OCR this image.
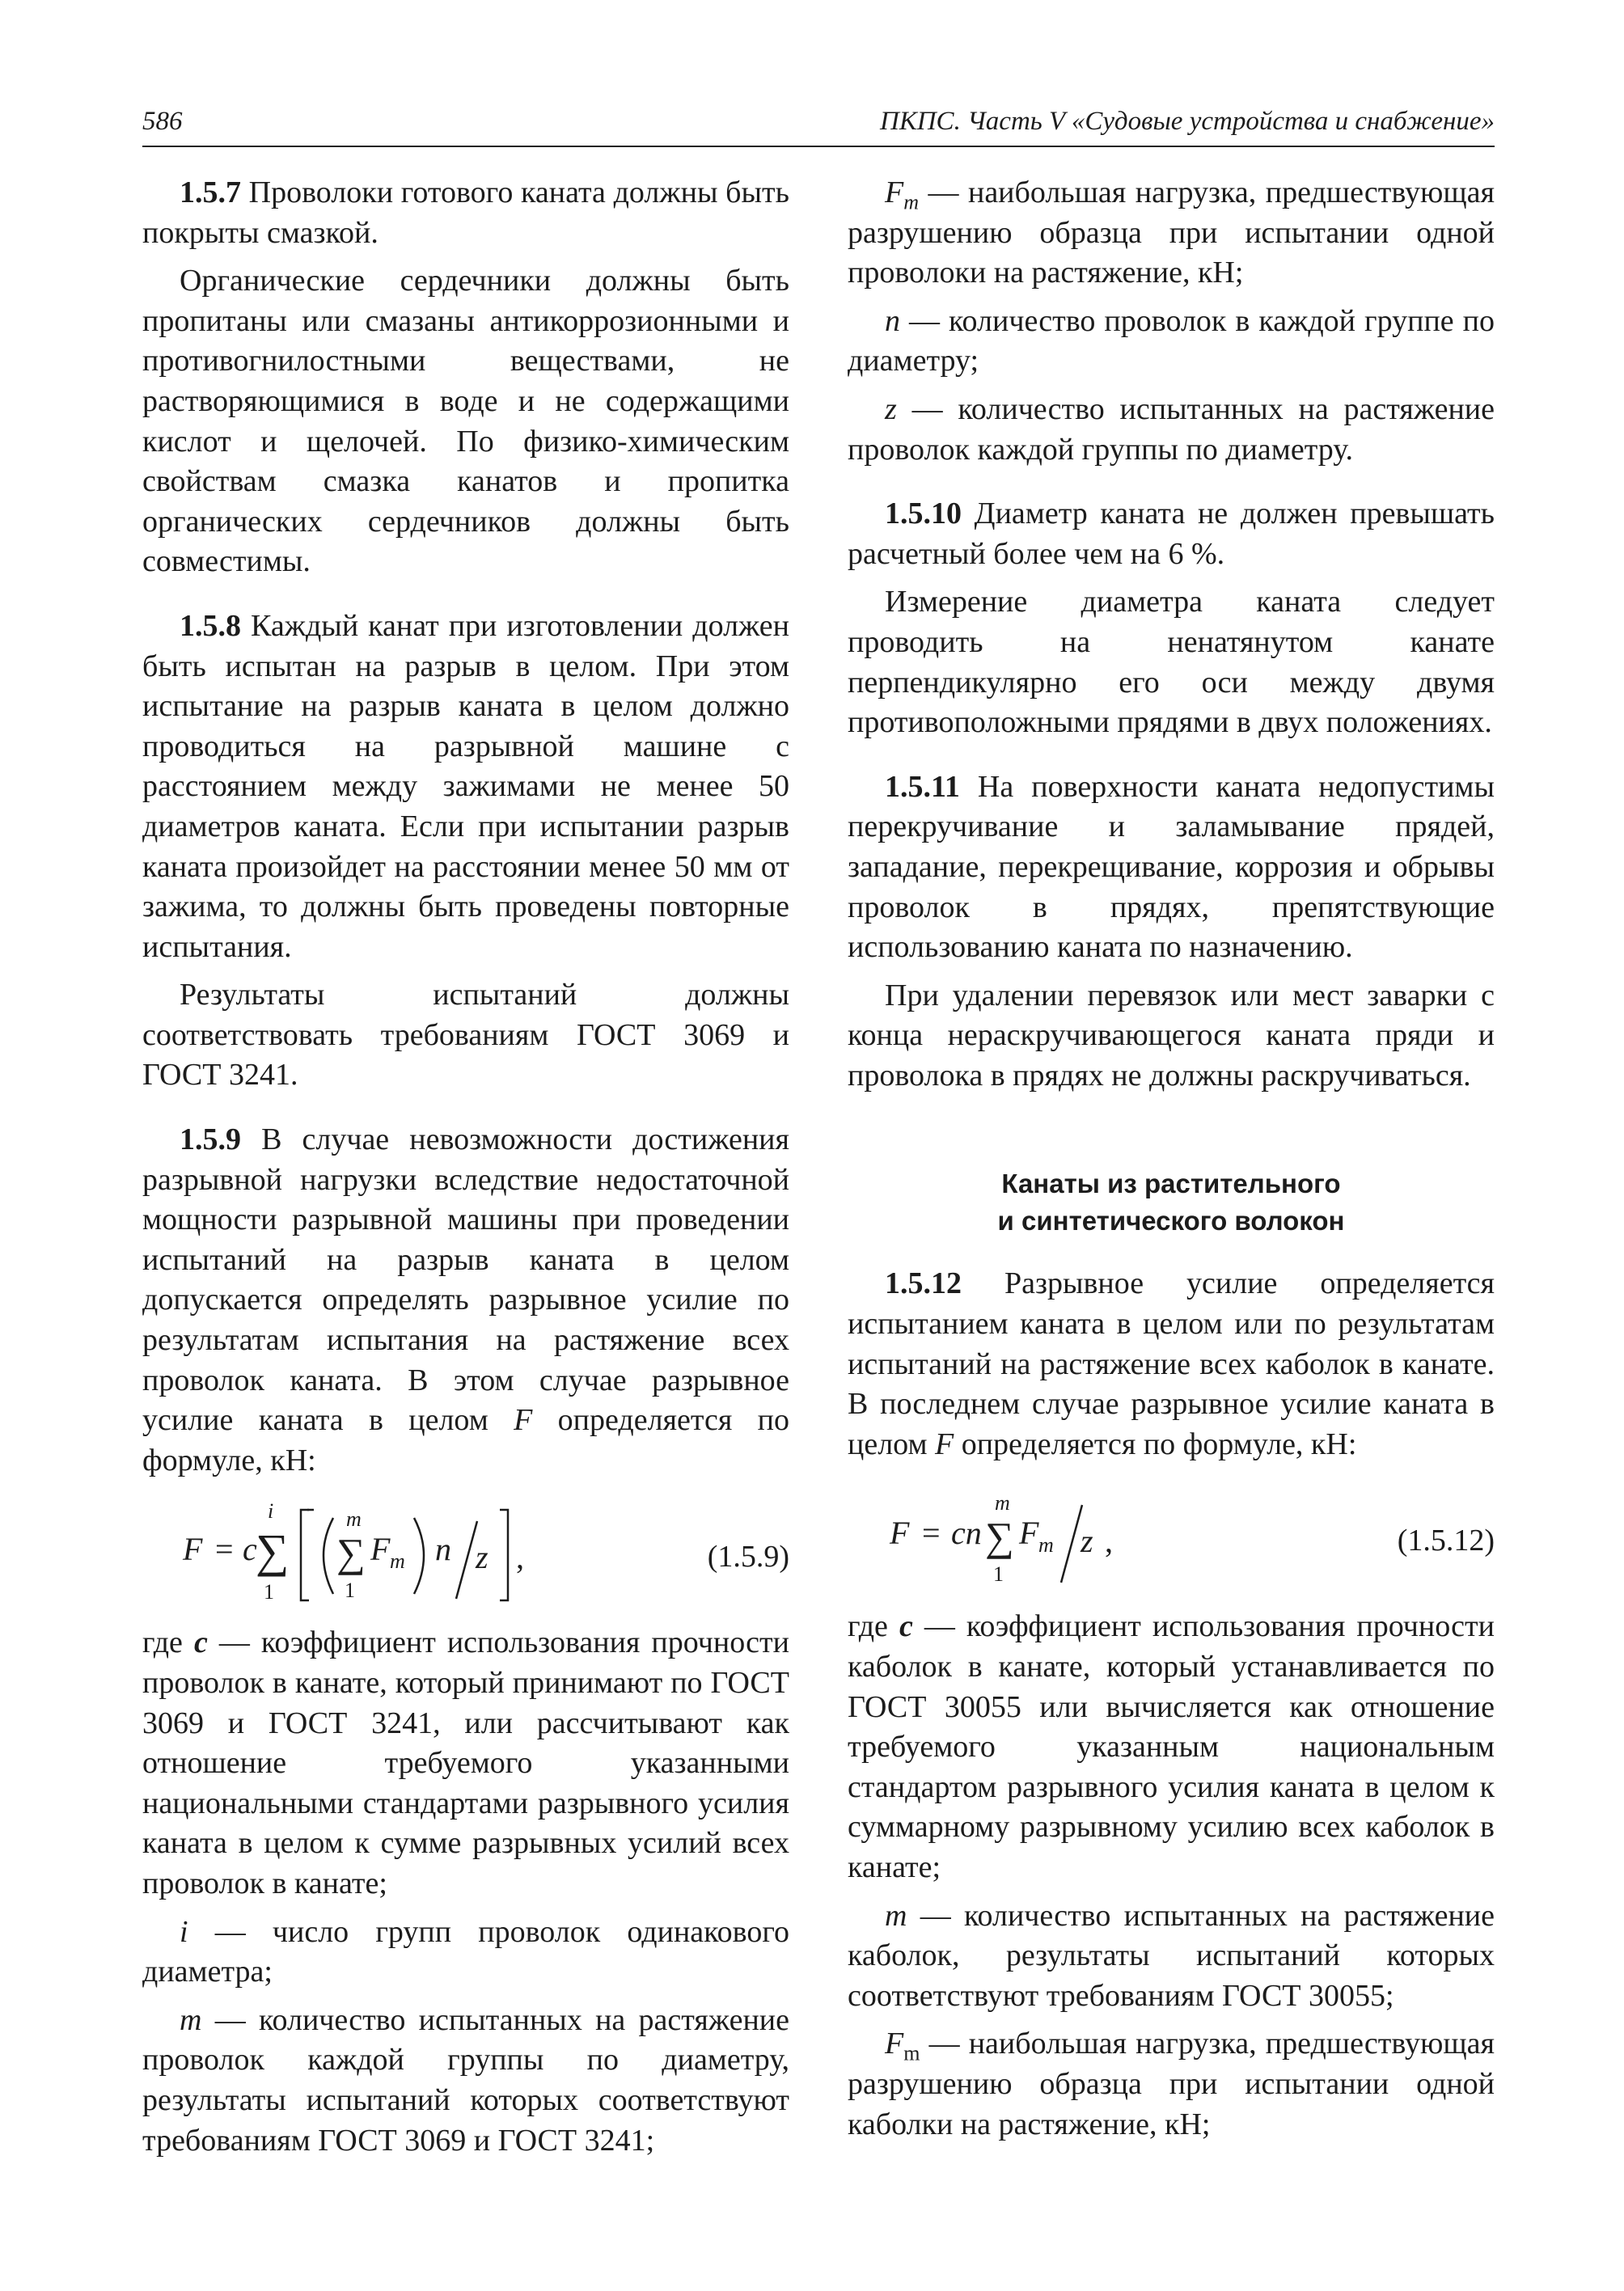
586	ПКПС. Часть V «Судовые устройства и снабжение»

1.5.7 Проволоки готового каната должны быть покрыты смазкой.

Органические сердечники должны быть пропитаны или смазаны антикоррозионными и противогнилостными веществами, не растворяющимися в воде и не содержащими кислот и щелочей. По физико-химическим свойствам смазка канатов и пропитка органических сердечников должны быть совместимы.

1.5.8 Каждый канат при изготовлении должен быть испытан на разрыв в целом. При этом испытание на разрыв каната в целом должно проводиться на разрывной машине с расстоянием между зажимами не менее 50 диаметров каната. Если при испытании разрыв каната произойдет на расстоянии менее 50 мм от зажима, то должны быть проведены повторные испытания.

Результаты испытаний должны соответствовать требованиям ГОСТ 3069 и ГОСТ 3241.

1.5.9 В случае невозможности достижения разрывной нагрузки вследствие недостаточной мощности разрывной машины при проведении испытаний на разрыв каната в целом допускается определять разрывное усилие по результатам испытания на растяжение всех проволок каната. В этом случае разрывное усилие каната в целом F определяется по формуле, кН:

F = c
∑
i
1
∑
m
1
F m n z ,	(1.5.9)

где c — коэффициент использования прочности проволок в канате, который принимают по ГОСТ 3069 и ГОСТ 3241, или рассчитывают как отношение требуемого указанными национальными стандартами разрывного усилия каната в целом к сумме разрывных усилий всех проволок в канате;

i — число групп проволок одинакового диаметра;

m — количество испытанных на растяжение проволок каждой группы по диаметру, результаты испытаний которых соответствуют требованиям ГОСТ 3069 и ГОСТ 3241;

$F_m$ — наибольшая нагрузка, предшествующая разрушению образца при испытании одной проволоки на растяжение, кН;

n — количество проволок в каждой группе по диаметру;

z — количество испытанных на растяжение проволок каждой группы по диаметру.

1.5.10 Диаметр каната не должен превышать расчетный более чем на 6 %.

Измерение диаметра каната следует проводить на ненатянутом канате перпендикулярно его оси между двумя противоположными прядями в двух положениях.

1.5.11 На поверхности каната недопустимы перекручивание и заламывание прядей, западание, перекрещивание, коррозия и обрывы проволок в прядях, препятствующие использованию каната по назначению.

При удалении перевязок или мест заварки с конца нераскручивающегося каната пряди и проволока в прядях не должны раскручиваться.

Канаты из растительного
и синтетического волокон

1.5.12 Разрывное усилие определяется испытанием каната в целом или по результатам испытаний на растяжение всех каболок в канате. В последнем случае разрывное усилие каната в целом F определяется по формуле, кН:

F = cn ∑
m
1
F m z ,	(1.5.12)

где c — коэффициент использования прочности каболок в канате, который устанавливается по ГОСТ 30055 или вычисляется как отношение требуемого указанным национальным стандартом разрывного усилия каната в целом к суммарному разрывному усилию всех каболок в канате;

m — количество испытанных на растяжение каболок, результаты испытаний которых соответствуют требованиям ГОСТ 30055;

$F_m$ — наибольшая нагрузка, предшествующая разрушению образца при испытании одной каболки на растяжение, кН;
